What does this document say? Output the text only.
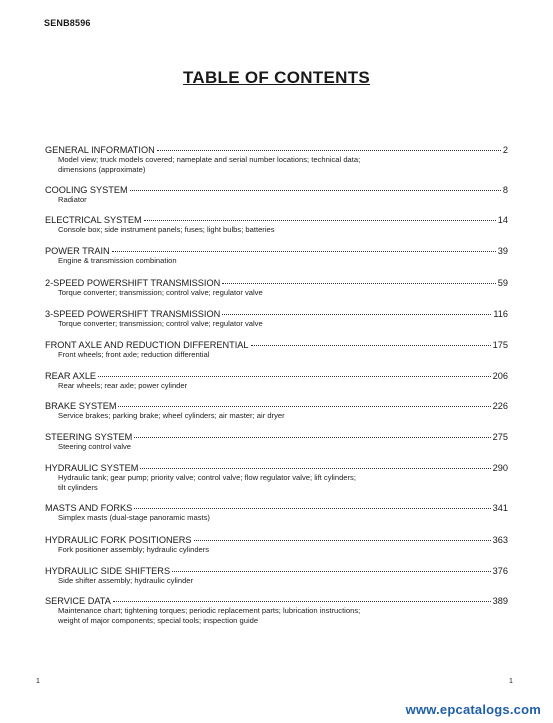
SENB8596
TABLE OF CONTENTS
GENERAL INFORMATION	2
Model view; truck models covered; nameplate and serial number locations; technical data;
dimensions (approximate)
COOLING SYSTEM	8
Radiator
ELECTRICAL SYSTEM	14
Console box; side instrument panels; fuses; light bulbs; batteries
POWER TRAIN	39
Engine & transmission combination
2-SPEED POWERSHIFT TRANSMISSION	59
Torque converter; transmission; control valve; regulator valve
3-SPEED POWERSHIFT TRANSMISSION	116
Torque converter; transmission; control valve; regulator valve
FRONT AXLE AND REDUCTION DIFFERENTIAL	175
Front wheels; front axle; reduction differential
REAR AXLE	206
Rear wheels; rear axle; power cylinder
BRAKE SYSTEM	226
Service brakes; parking brake; wheel cylinders; air master; air dryer
STEERING SYSTEM	275
Steering control valve
HYDRAULIC SYSTEM	290
Hydraulic tank; gear pump; priority valve; control valve; flow regulator valve; lift cylinders;
tilt cylinders
MASTS AND FORKS	341
Simplex masts (dual-stage panoramic masts)
HYDRAULIC FORK POSITIONERS	363
Fork positioner assembly; hydraulic cylinders
HYDRAULIC SIDE SHIFTERS	376
Side shifter assembly; hydraulic cylinder
SERVICE DATA	389
Maintenance chart; tightening torques; periodic replacement parts; lubrication instructions;
weight of major components; special tools; inspection guide
1	1
www.epcatalogs.com
